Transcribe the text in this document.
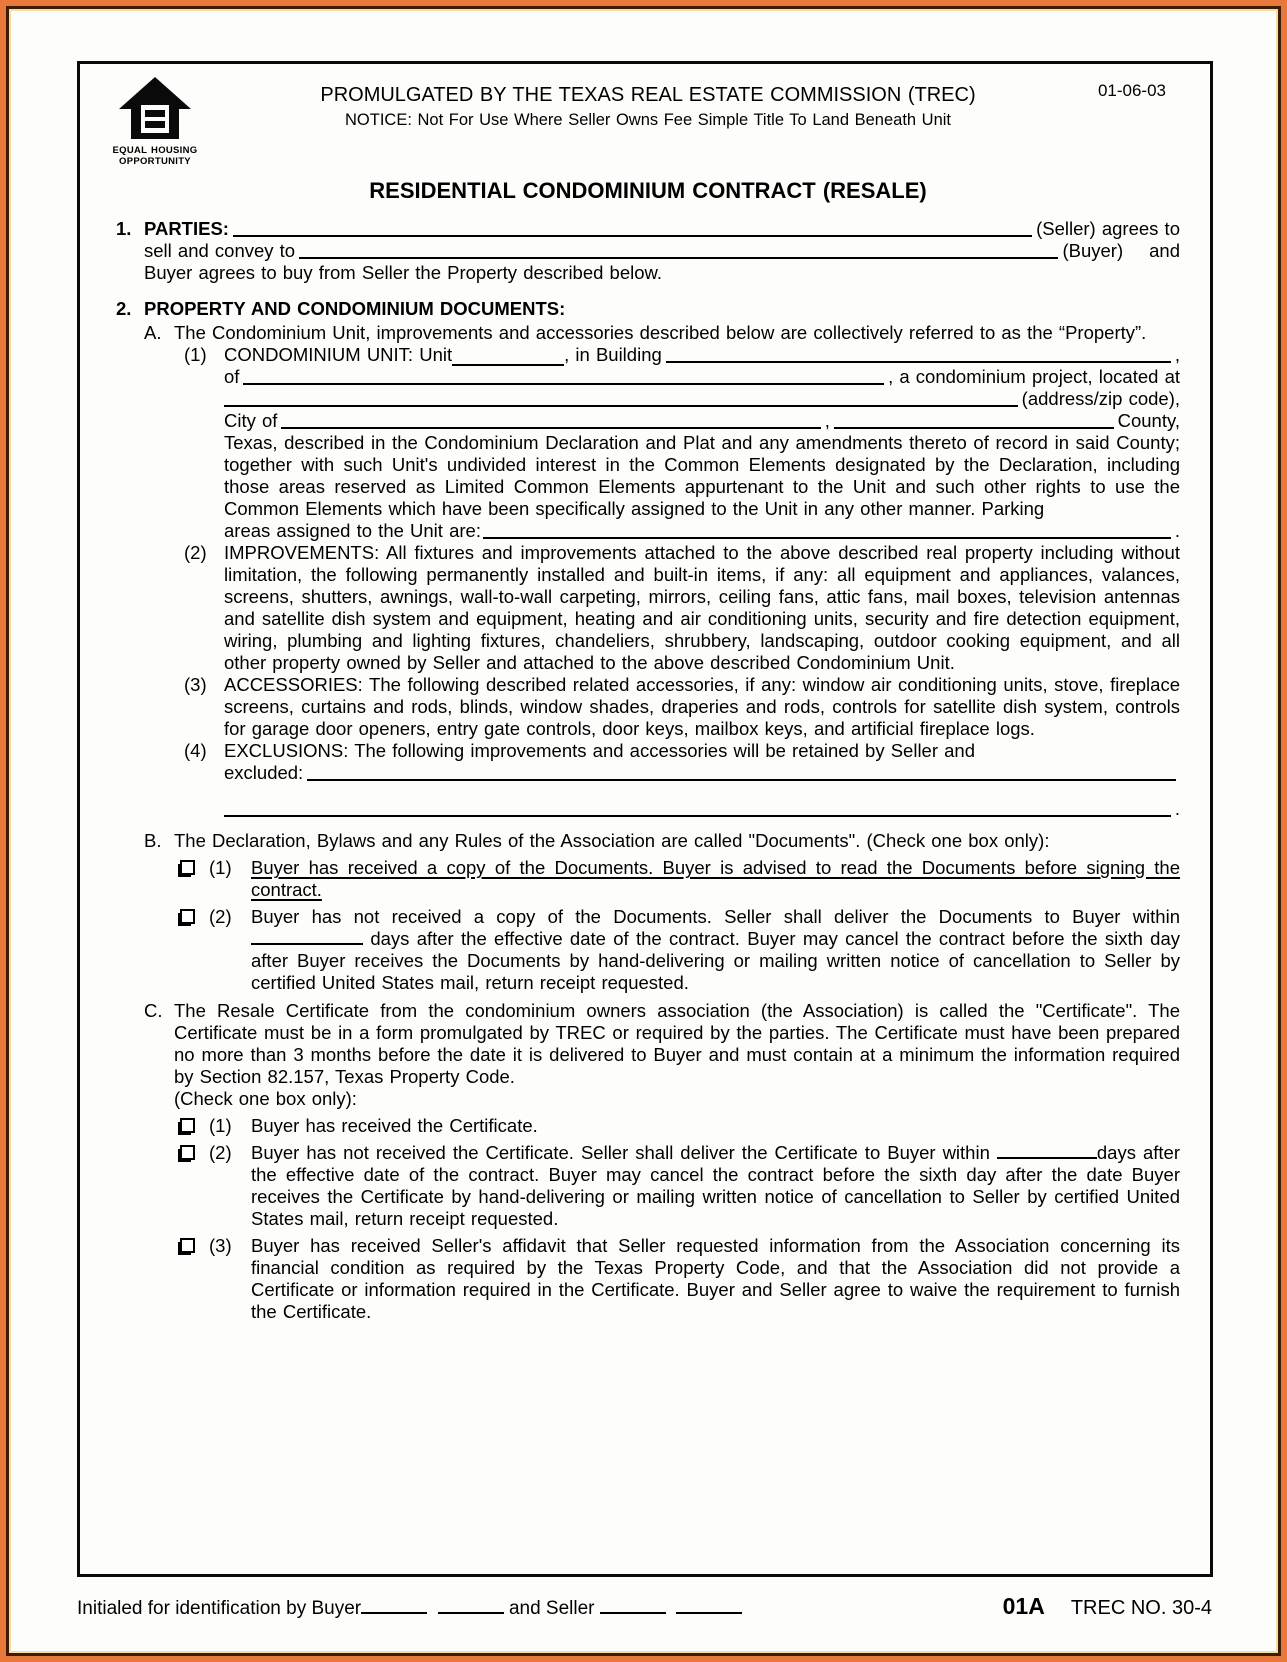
EQUAL HOUSING
OPPORTUNITY
PROMULGATED BY THE TEXAS REAL ESTATE COMMISSION (TREC)
NOTICE: Not For Use Where Seller Owns Fee Simple Title To Land Beneath Unit
01-06-03
RESIDENTIAL CONDOMINIUM CONTRACT (RESALE)
1. PARTIES:	(Seller) agrees to
sell and convey to	(Buyer) and
Buyer agrees to buy from Seller the Property described below.
2. PROPERTY AND CONDOMINIUM DOCUMENTS:
A. The Condominium Unit, improvements and accessories described below are collectively referred to as the “Property”.
(1) CONDOMINIUM UNIT: Unit	, in Building	,
of	, a condominium project, located at
(address/zip code),
City of	,	County,
Texas, described in the Condominium Declaration and Plat and any amendments thereto of record in said County; together with such Unit's undivided interest in the Common Elements designated by the Declaration, including those areas reserved as Limited Common Elements appurtenant to the Unit and such other rights to use the Common Elements which have been specifically assigned to the Unit in any other manner. Parking
areas assigned to the Unit are:	.
(2) IMPROVEMENTS: All fixtures and improvements attached to the above described real property including without limitation, the following permanently installed and built-in items, if any: all equipment and appliances, valances, screens, shutters, awnings, wall-to-wall carpeting, mirrors, ceiling fans, attic fans, mail boxes, television antennas and satellite dish system and equipment, heating and air conditioning units, security and fire detection equipment, wiring, plumbing and lighting fixtures, chandeliers, shrubbery, landscaping, outdoor cooking equipment, and all other property owned by Seller and attached to the above described Condominium Unit.
(3) ACCESSORIES: The following described related accessories, if any: window air conditioning units, stove, fireplace screens, curtains and rods, blinds, window shades, draperies and rods, controls for satellite dish system, controls for garage door openers, entry gate controls, door keys, mailbox keys, and artificial fireplace logs.
(4) EXCLUSIONS: The following improvements and accessories will be retained by Seller and
excluded:
.
B. The Declaration, Bylaws and any Rules of the Association are called "Documents". (Check one box only):
(1)	Buyer has received a copy of the Documents. Buyer is advised to read the Documents before signing the contract.
(2)	Buyer has not received a copy of the Documents. Seller shall deliver the Documents to Buyer within  days after the effective date of the contract. Buyer may cancel the contract before the sixth day after Buyer receives the Documents by hand-delivering or mailing written notice of cancellation to Seller by certified United States mail, return receipt requested.
C. The Resale Certificate from the condominium owners association (the Association) is called the "Certificate". The Certificate must be in a form promulgated by TREC or required by the parties. The Certificate must have been prepared no more than 3 months before the date it is delivered to Buyer and must contain at a minimum the information required by Section 82.157, Texas Property Code.
(Check one box only):
(1)	Buyer has received the Certificate.
(2)	Buyer has not received the Certificate. Seller shall deliver the Certificate to Buyer within	days after the effective date of the contract. Buyer may cancel the contract before the sixth day after the date Buyer receives the Certificate by hand-delivering or mailing written notice of cancellation to Seller by certified United States mail, return receipt requested.
(3)	Buyer has received Seller's affidavit that Seller requested information from the Association concerning its financial condition as required by the Texas Property Code, and that the Association did not provide a Certificate or information required in the Certificate. Buyer and Seller agree to waive the requirement to furnish the Certificate.
Initialed for identification by Buyer	and Seller	01A TREC NO. 30-4
